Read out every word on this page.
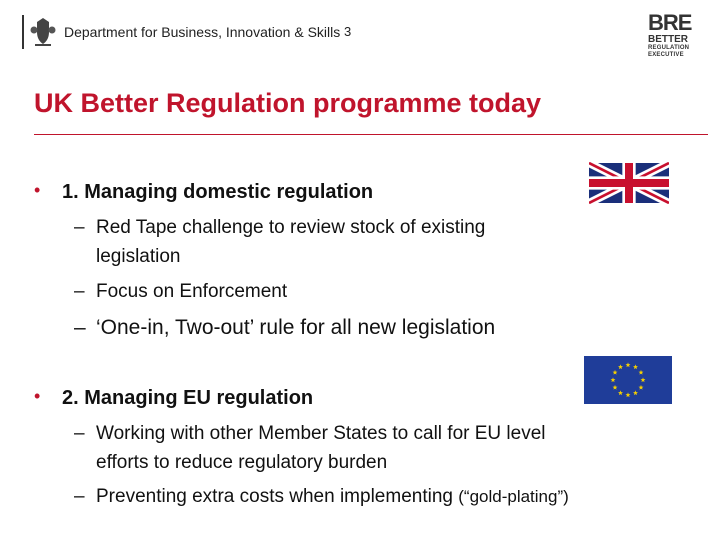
Department for Business, Innovation & Skills 3	BRE
BETTER
REGULATION
EXECUTIVE
UK Better Regulation programme today
• 1. Managing domestic regulation
– Red Tape challenge to review stock of existing
legislation
– Focus on Enforcement
– ‘One-in, Two-out’ rule for all new legislation
• 2. Managing EU regulation
– Working with other Member States to call for EU level
efforts to reduce regulatory burden
– Preventing extra costs when implementing (“gold-plating”)
